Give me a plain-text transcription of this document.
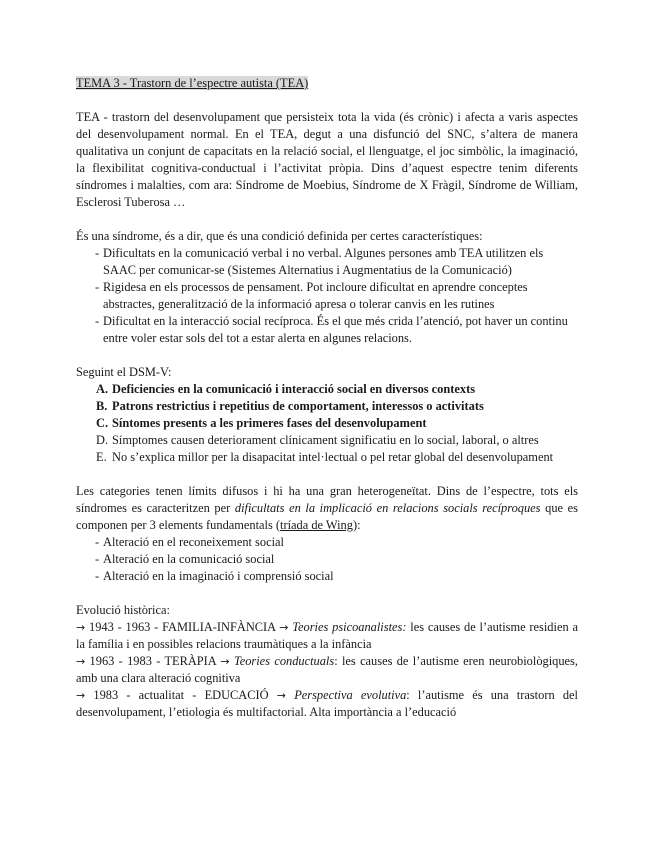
TEMA 3 - Trastorn de l’espectre autista (TEA)

TEA - trastorn del desenvolupament que persisteix tota la vida (és crònic) i afecta a varis aspectes del desenvolupament normal. En el TEA, degut a una disfunció del SNC, s’altera de manera qualitativa un conjunt de capacitats en la relació social, el llenguatge, el joc simbòlic, la imaginació, la flexibilitat cognitiva-conductual i l’activitat pròpia. Dins d’aquest espectre tenim diferents síndromes i malalties, com ara: Síndrome de Moebius, Síndrome de X Fràgil, Síndrome de William, Esclerosi Tuberosa …

És una síndrome, és a dir, que és una condició definida per certes característiques:

- Dificultats en la comunicació verbal i no verbal. Algunes persones amb TEA utilitzen els SAAC per comunicar-se (Sistemes Alternatius i Augmentatius de la Comunicació)
- Rigidesa en els processos de pensament. Pot incloure dificultat en aprendre conceptes abstractes, generalització de la informació apresa o tolerar canvis en les rutines
- Dificultat en la interacció social recíproca. És el que més crida l’atenció, pot haver un continu entre voler estar sols del tot a estar alerta en algunes relacions.

Seguint el DSM-V:

A. Deficiencies en la comunicació i interacció social en diversos contexts
B. Patrons restrictius i repetitius de comportament, interessos o activitats
C. Síntomes presents a les primeres fases del desenvolupament
D. Símptomes causen deteriorament clínicament significatiu en lo social, laboral, o altres
E. No s’explica millor per la disapacitat intel·lectual o pel retar global del desenvolupament

Les categories tenen límits difusos i hi ha una gran heterogeneïtat. Dins de l’espectre, tots els síndromes es caracteritzen per dificultats en la implicació en relacions socials recíproques que es componen per 3 elements fundamentals (tríada de Wing):

- Alteració en el reconeixement social
- Alteració en la comunicació social
- Alteració en la imaginació i comprensió social

Evolució històrica:

→ 1943 - 1963 - FAMILIA-INFÀNCIA → Teories psicoanalistes: les causes de l’autisme residien a la família i en possibles relacions traumàtiques a la infància

→ 1963 - 1983 - TERÀPIA → Teories conductuals: les causes de l’autisme eren neurobiològiques, amb una clara alteració cognitiva

→ 1983 - actualitat - EDUCACIÓ → Perspectiva evolutiva: l’autisme és una trastorn del desenvolupament, l’etiologia és multifactorial. Alta importància a l’educació
